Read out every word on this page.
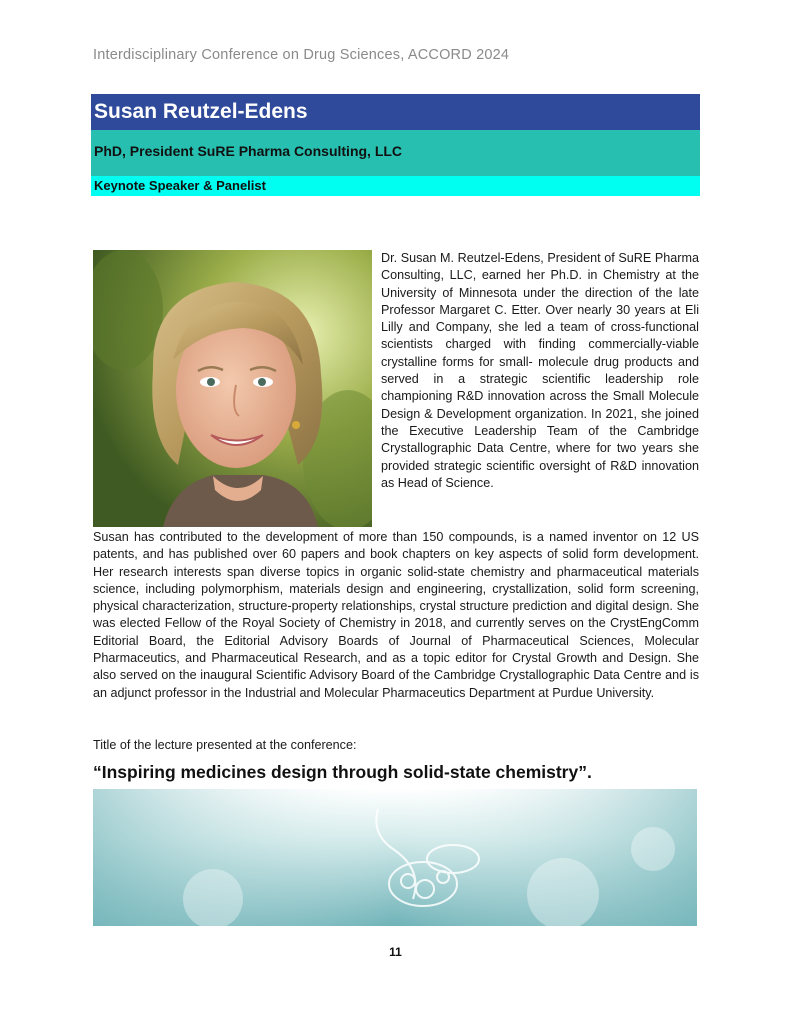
Interdisciplinary Conference on Drug Sciences, ACCORD 2024
Susan Reutzel-Edens
PhD, President SuRE Pharma Consulting, LLC
Keynote Speaker & Panelist

Dr. Susan M. Reutzel-Edens, President of SuRE Pharma Consulting, LLC, earned her Ph.D. in Chemistry at the University of Minnesota under the direction of the late Professor Margaret C. Etter. Over nearly 30 years at Eli Lilly and Company, she led a team of cross-functional scientists charged with finding commercially-viable crystalline forms for small- molecule drug products and served in a strategic scientific leadership role championing R&D innovation across the Small Molecule Design & Development organization. In 2021, she joined the Executive Leadership Team of the Cambridge Crystallographic Data Centre, where for two years she provided strategic scientific oversight of R&D innovation as Head of Science.

Susan has contributed to the development of more than 150 compounds, is a named inventor on 12 US patents, and has published over 60 papers and book chapters on key aspects of solid form development. Her research interests span diverse topics in organic solid-state chemistry and pharmaceutical materials science, including polymorphism, materials design and engineering, crystallization, solid form screening, physical characterization, structure-property relationships, crystal structure prediction and digital design. She was elected Fellow of the Royal Society of Chemistry in 2018, and currently serves on the CrystEngComm Editorial Board, the Editorial Advisory Boards of Journal of Pharmaceutical Sciences, Molecular Pharmaceutics, and Pharmaceutical Research, and as a topic editor for Crystal Growth and Design. She also served on the inaugural Scientific Advisory Board of the Cambridge Crystallographic Data Centre and is an adjunct professor in the Industrial and Molecular Pharmaceutics Department at Purdue University.

Title of the lecture presented at the conference:

“Inspiring medicines design through solid-state chemistry”.

11
